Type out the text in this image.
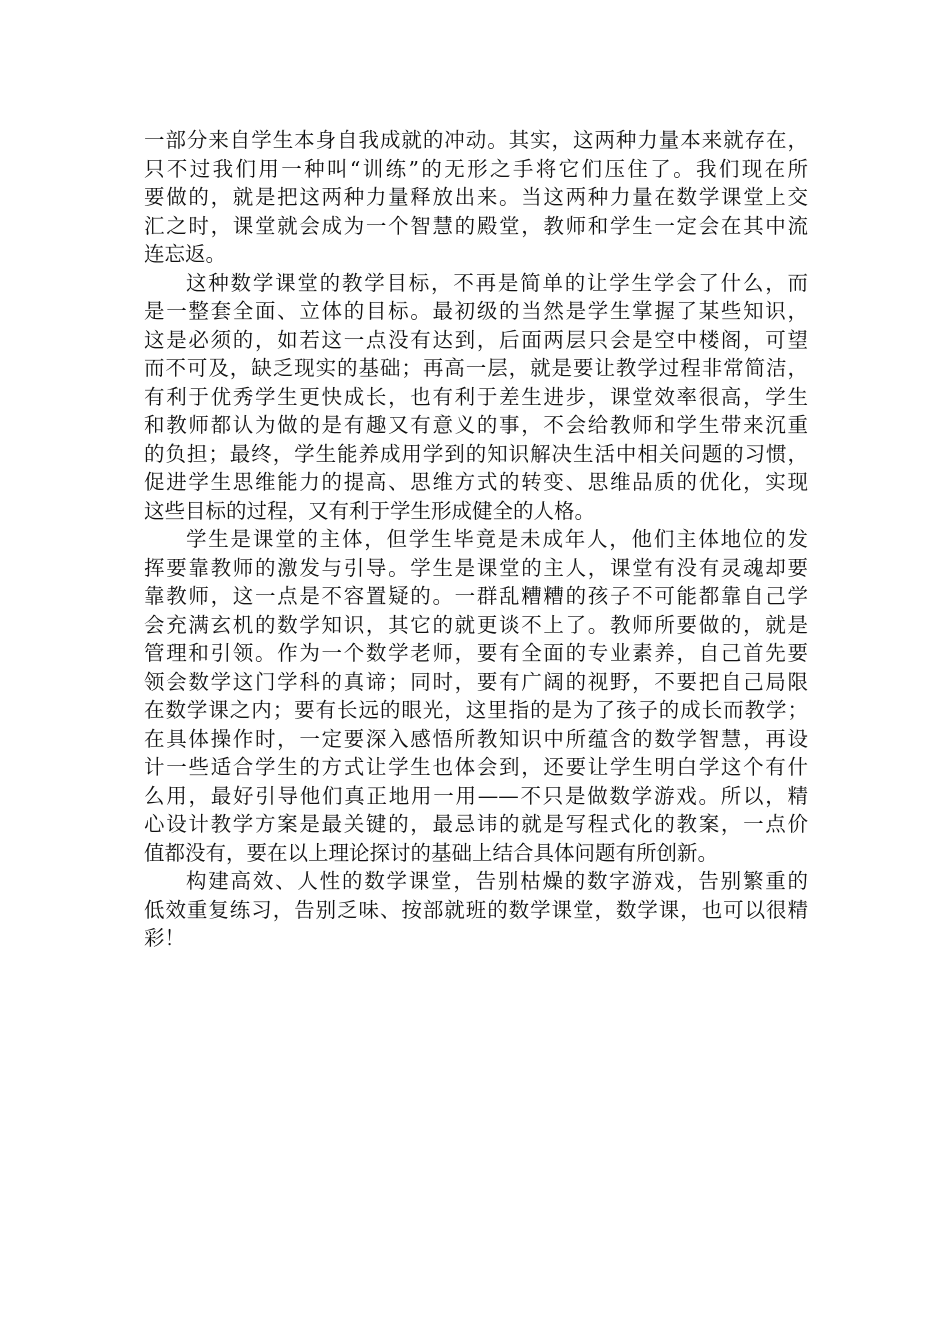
一部分来自学生本身自我成就的冲动。其实，这两种力量本来就存在，
只不过我们用一种叫“训练”的无形之手将它们压住了。我们现在所
要做的，就是把这两种力量释放出来。当这两种力量在数学课堂上交
汇之时，课堂就会成为一个智慧的殿堂，教师和学生一定会在其中流
连忘返。
这种数学课堂的教学目标，不再是简单的让学生学会了什么，而
是一整套全面、立体的目标。最初级的当然是学生掌握了某些知识，
这是必须的，如若这一点没有达到，后面两层只会是空中楼阁，可望
而不可及，缺乏现实的基础；再高一层，就是要让教学过程非常简洁，
有利于优秀学生更快成长，也有利于差生进步，课堂效率很高，学生
和教师都认为做的是有趣又有意义的事，不会给教师和学生带来沉重
的负担；最终，学生能养成用学到的知识解决生活中相关问题的习惯，
促进学生思维能力的提高、思维方式的转变、思维品质的优化，实现
这些目标的过程，又有利于学生形成健全的人格。
学生是课堂的主体，但学生毕竟是未成年人，他们主体地位的发
挥要靠教师的激发与引导。学生是课堂的主人，课堂有没有灵魂却要
靠教师，这一点是不容置疑的。一群乱糟糟的孩子不可能都靠自己学
会充满玄机的数学知识，其它的就更谈不上了。教师所要做的，就是
管理和引领。作为一个数学老师，要有全面的专业素养，自己首先要
领会数学这门学科的真谛；同时，要有广阔的视野，不要把自己局限
在数学课之内；要有长远的眼光，这里指的是为了孩子的成长而教学；
在具体操作时，一定要深入感悟所教知识中所蕴含的数学智慧，再设
计一些适合学生的方式让学生也体会到，还要让学生明白学这个有什
么用，最好引导他们真正地用一用——不只是做数学游戏。所以，精
心设计教学方案是最关键的，最忌讳的就是写程式化的教案，一点价
值都没有，要在以上理论探讨的基础上结合具体问题有所创新。
构建高效、人性的数学课堂，告别枯燥的数字游戏，告别繁重的
低效重复练习，告别乏味、按部就班的数学课堂，数学课，也可以很精
彩！
